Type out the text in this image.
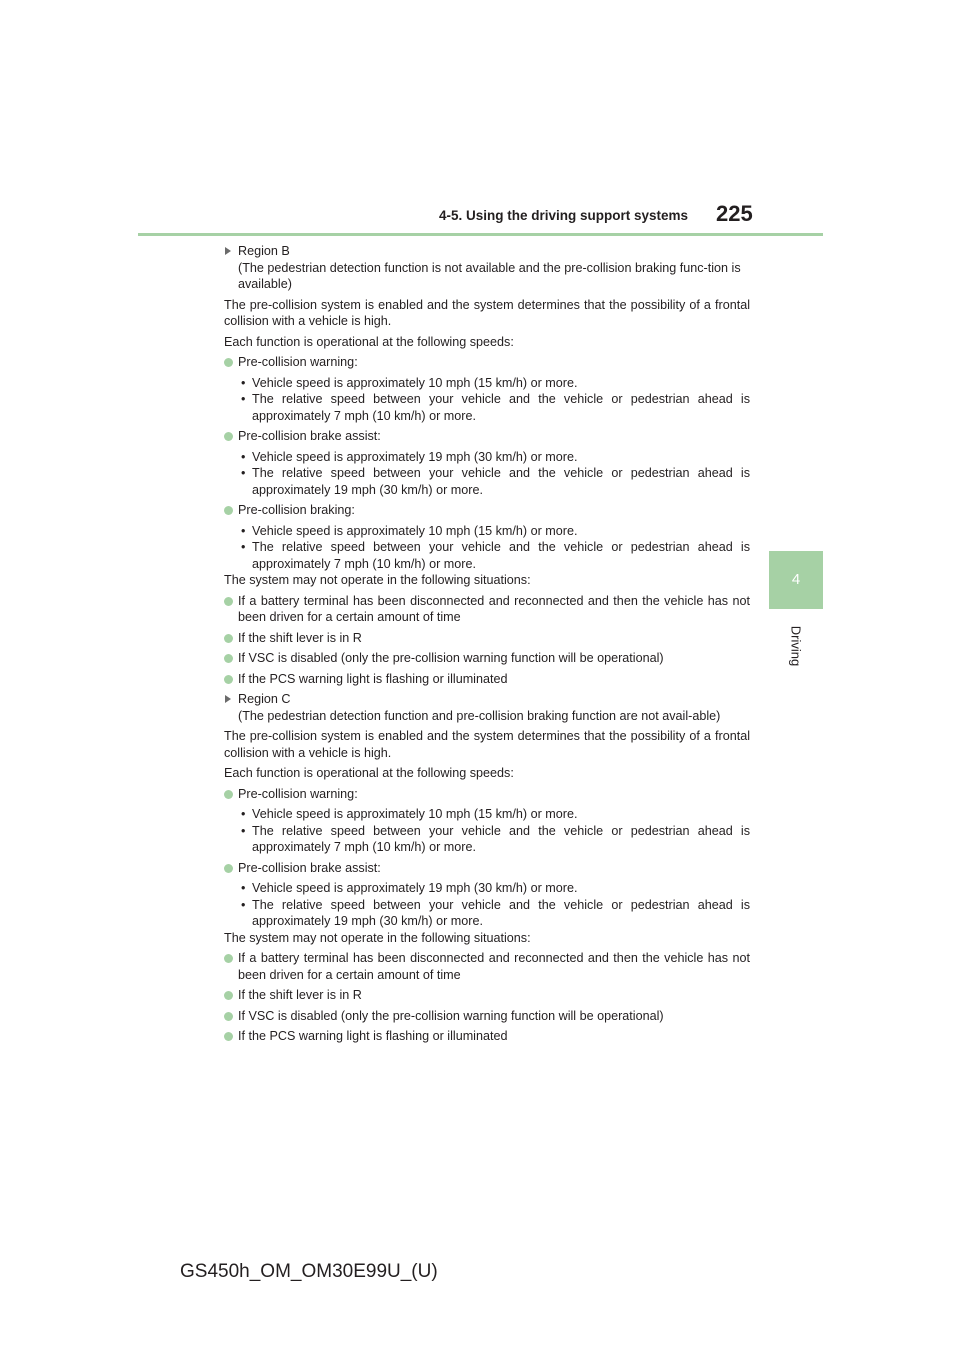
4-5. Using the driving support systems 225
4
Driving
Region B
(The pedestrian detection function is not available and the pre-collision braking func-tion is available)

The pre-collision system is enabled and the system determines that the possibility of a frontal collision with a vehicle is high.

Each function is operational at the following speeds:

Pre-collision warning:
• Vehicle speed is approximately 10 mph (15 km/h) or more.
• The relative speed between your vehicle and the vehicle or pedestrian ahead is approximately 7 mph (10 km/h) or more.
Pre-collision brake assist:
• Vehicle speed is approximately 19 mph (30 km/h) or more.
• The relative speed between your vehicle and the vehicle or pedestrian ahead is approximately 19 mph (30 km/h) or more.
Pre-collision braking:
• Vehicle speed is approximately 10 mph (15 km/h) or more.
• The relative speed between your vehicle and the vehicle or pedestrian ahead is approximately 7 mph (10 km/h) or more.

The system may not operate in the following situations:

If a battery terminal has been disconnected and reconnected and then the vehicle has not been driven for a certain amount of time
If the shift lever is in R
If VSC is disabled (only the pre-collision warning function will be operational)
If the PCS warning light is flashing or illuminated
Region C
(The pedestrian detection function and pre-collision braking function are not avail-able)

The pre-collision system is enabled and the system determines that the possibility of a frontal collision with a vehicle is high.

Each function is operational at the following speeds:

Pre-collision warning:
• Vehicle speed is approximately 10 mph (15 km/h) or more.
• The relative speed between your vehicle and the vehicle or pedestrian ahead is approximately 7 mph (10 km/h) or more.
Pre-collision brake assist:
• Vehicle speed is approximately 19 mph (30 km/h) or more.
• The relative speed between your vehicle and the vehicle or pedestrian ahead is approximately 19 mph (30 km/h) or more.

The system may not operate in the following situations:

If a battery terminal has been disconnected and reconnected and then the vehicle has not been driven for a certain amount of time
If the shift lever is in R
If VSC is disabled (only the pre-collision warning function will be operational)
If the PCS warning light is flashing or illuminated
GS450h_OM_OM30E99U_(U)
